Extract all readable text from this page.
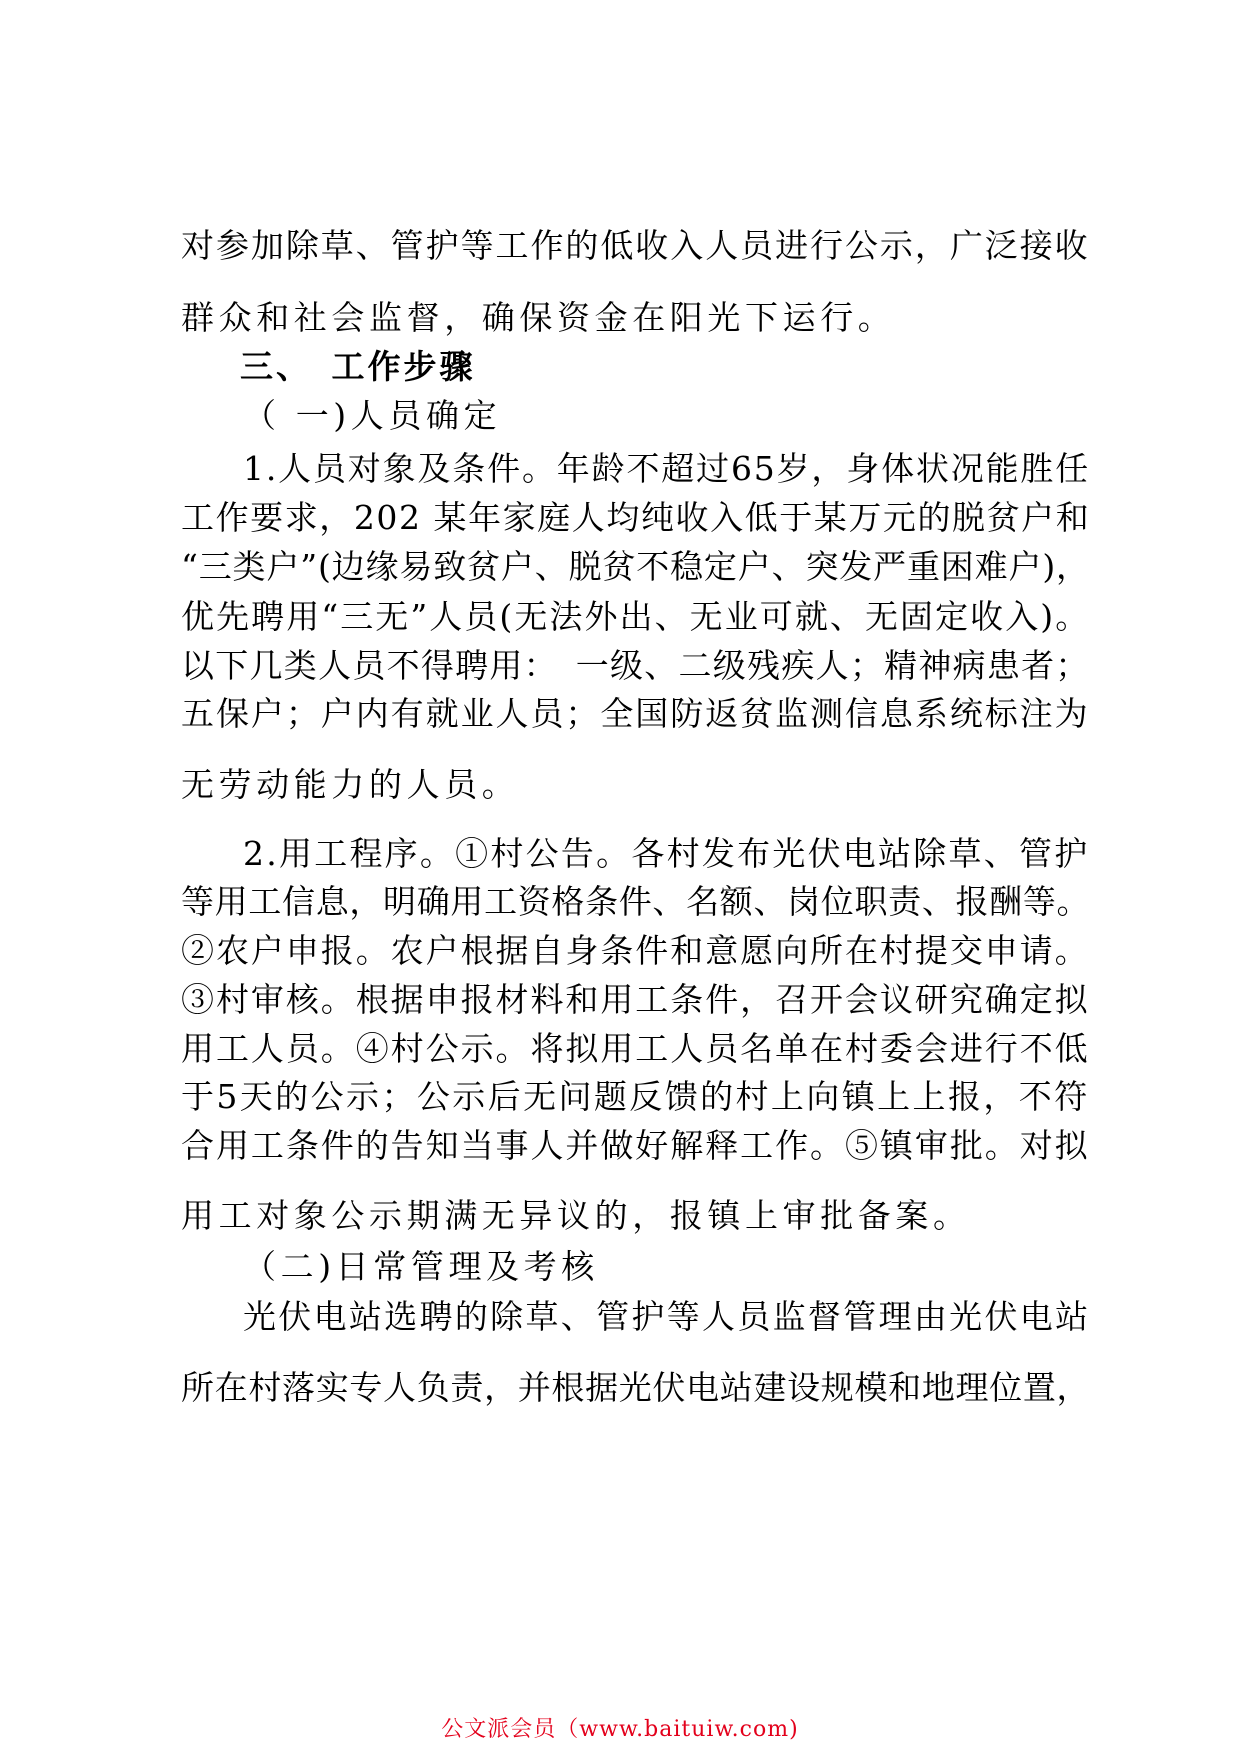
对参加除草、管护等工作的低收入人员进行公示，广泛接收
群众和社会监督，确保资金在阳光下运行。
三、　工作步骤
（ 一)人员确定
1.人员对象及条件。年龄不超过65岁，身体状况能胜任
工作要求，202 某年家庭人均纯收入低于某万元的脱贫户和
“三类户”(边缘易致贫户、脱贫不稳定户、突发严重困难户)，
优先聘用“三无”人员(无法外出、无业可就、无固定收入)。
以下几类人员不得聘用：　一级、二级残疾人；精神病患者；
五保户；户内有就业人员；全国防返贫监测信息系统标注为
无劳动能力的人员。
2.用工程序。①村公告。各村发布光伏电站除草、管护
等用工信息，明确用工资格条件、名额、岗位职责、报酬等。
②农户申报。农户根据自身条件和意愿向所在村提交申请。
③村审核。根据申报材料和用工条件，召开会议研究确定拟
用工人员。④村公示。将拟用工人员名单在村委会进行不低
于5天的公示；公示后无问题反馈的村上向镇上上报，不符
合用工条件的告知当事人并做好解释工作。⑤镇审批。对拟
用工对象公示期满无异议的，报镇上审批备案。
（二)日常管理及考核
光伏电站选聘的除草、管护等人员监督管理由光伏电站
所在村落实专人负责，并根据光伏电站建设规模和地理位置，
公文派会员（www.baituiw.com)
